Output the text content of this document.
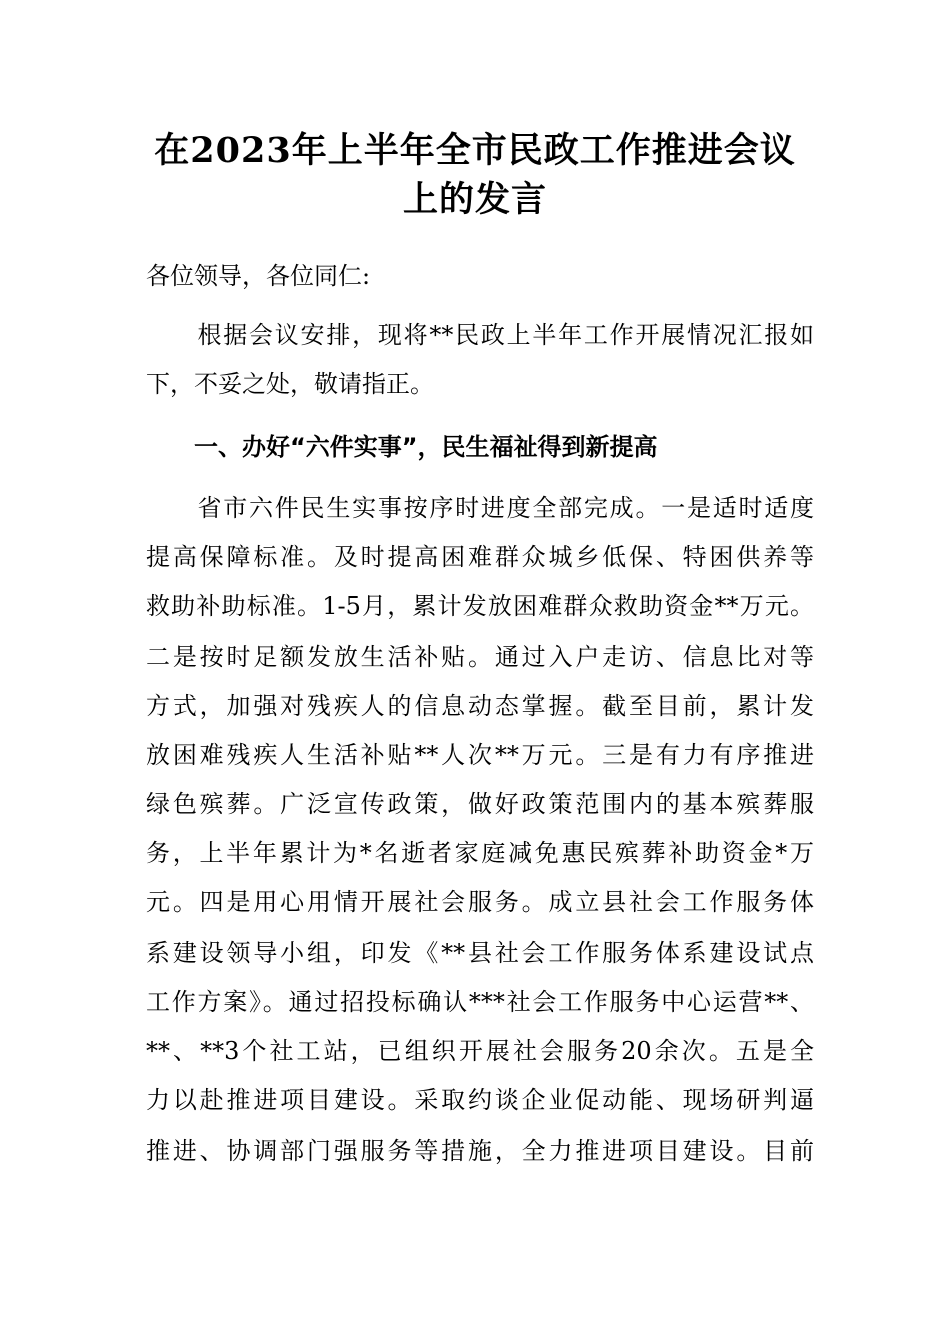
在2023年上半年全市民政工作推进会议
上的发言
各位领导，各位同仁:
　　根据会议安排，现将**民政上半年工作开展情况汇报如
下，不妥之处，敬请指正。
　　一、办好“六件实事”，民生福祉得到新提高
　　省市六件民生实事按序时进度全部完成。一是适时适度
提高保障标准。及时提高困难群众城乡低保、特困供养等
救助补助标准。1-5月，累计发放困难群众救助资金**万元。
二是按时足额发放生活补贴。通过入户走访、信息比对等
方式，加强对残疾人的信息动态掌握。截至目前，累计发
放困难残疾人生活补贴**人次**万元。三是有力有序推进
绿色殡葬。广泛宣传政策，做好政策范围内的基本殡葬服
务，上半年累计为*名逝者家庭减免惠民殡葬补助资金*万
元。四是用心用情开展社会服务。成立县社会工作服务体
系建设领导小组，印发《**县社会工作服务体系建设试点
工作方案》。通过招投标确认***社会工作服务中心运营**、
**、**3个社工站，已组织开展社会服务20余次。五是全
力以赴推进项目建设。采取约谈企业促动能、现场研判逼
推进、协调部门强服务等措施，全力推进项目建设。目前
